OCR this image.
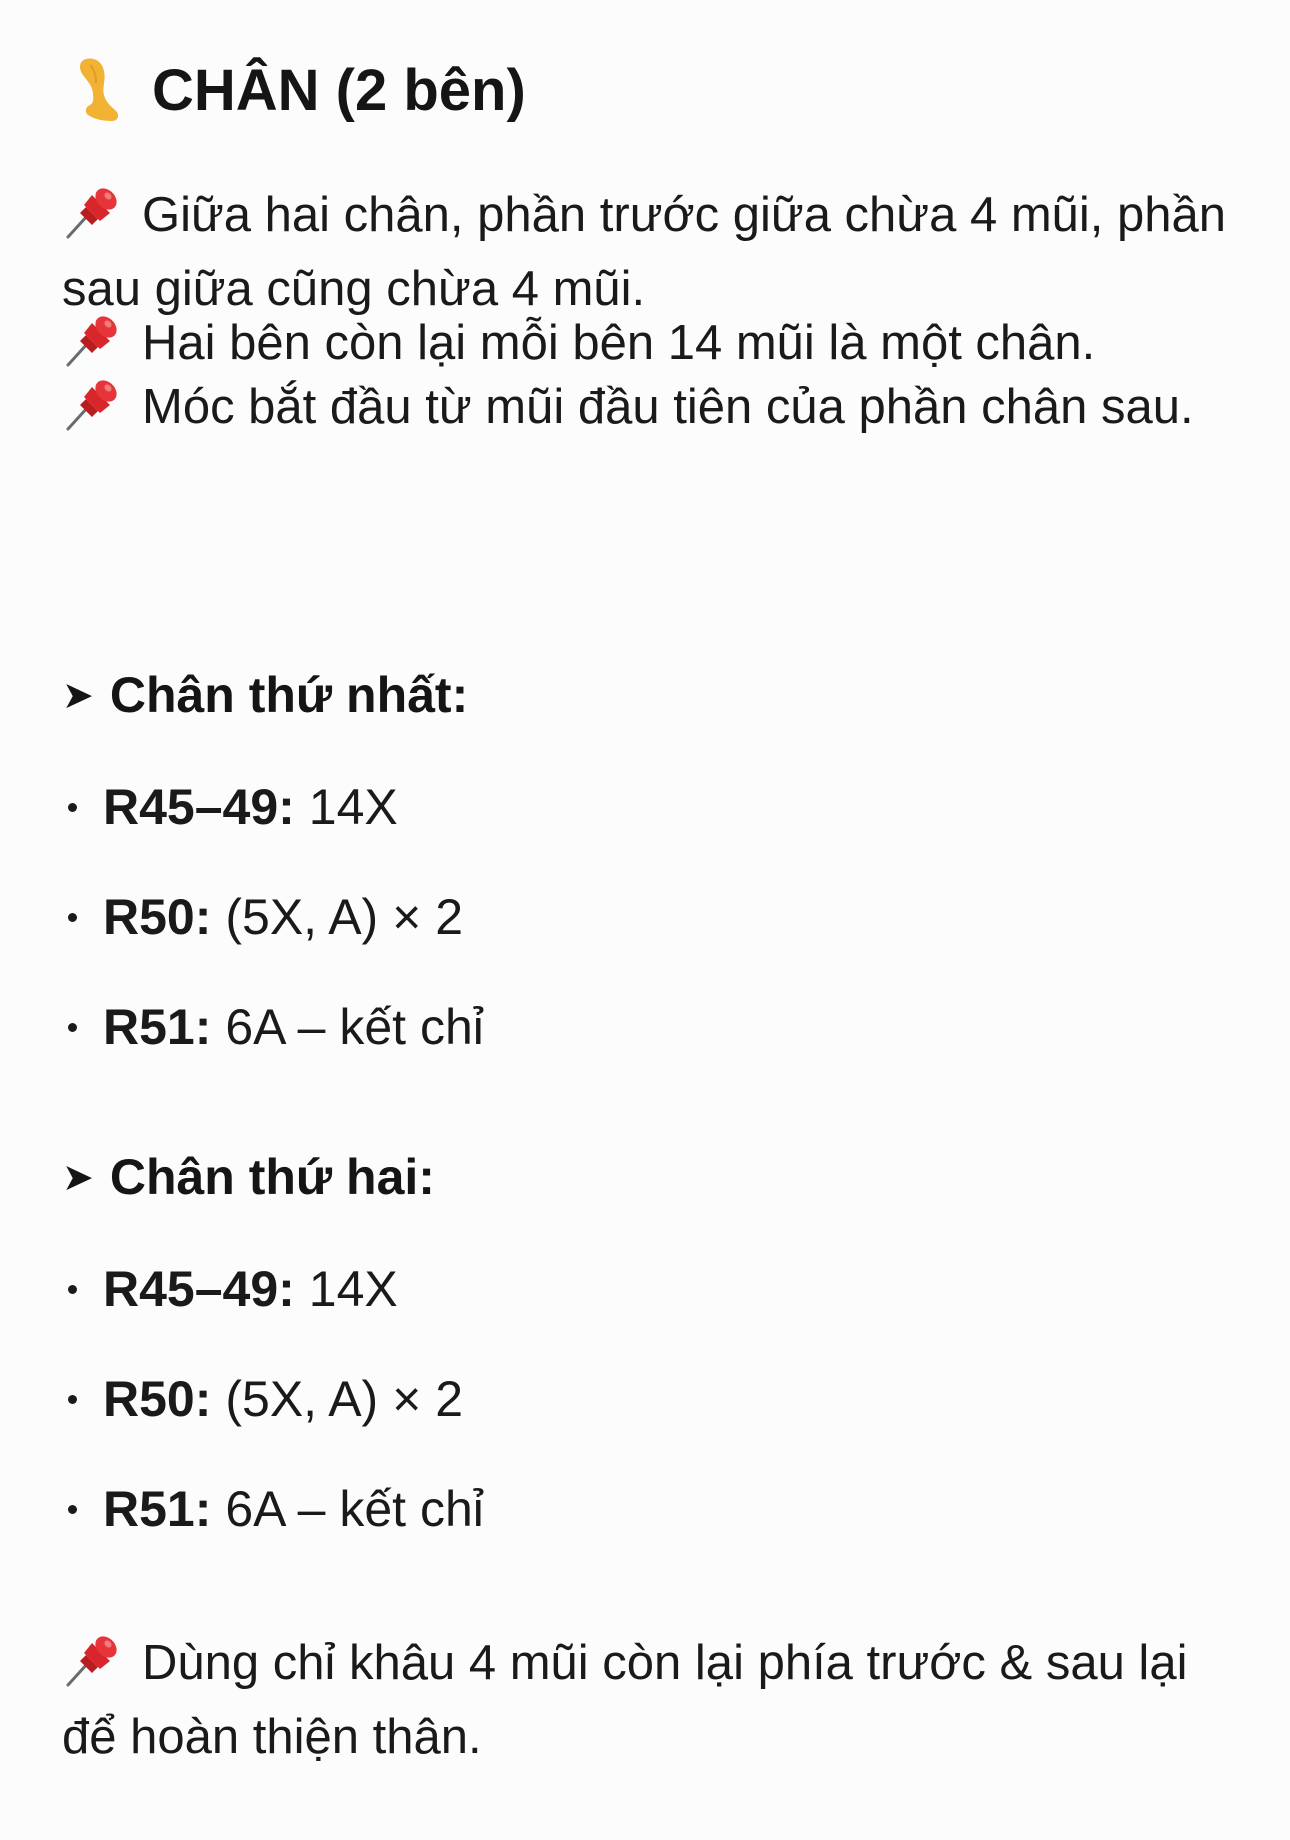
CHÂN (2 bên)
Giữa hai chân, phần trước giữa chừa 4 mũi, phần sau giữa cũng chừa 4 mũi.
Hai bên còn lại mỗi bên 14 mũi là một chân.
Móc bắt đầu từ mũi đầu tiên của phần chân sau.
➤ Chân thứ nhất:
R45–49: 14X
R50: (5X, A) × 2
R51: 6A – kết chỉ
➤ Chân thứ hai:
R45–49: 14X
R50: (5X, A) × 2
R51: 6A – kết chỉ
Dùng chỉ khâu 4 mũi còn lại phía trước & sau lại để hoàn thiện thân.
